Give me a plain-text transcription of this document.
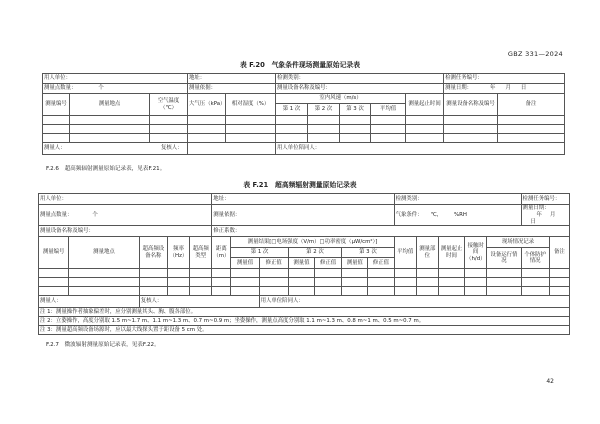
GBZ 331—2024
表 F.20　气象条件现场测量原始记录表
用人单位：			地址：		检测类别：					检测任务编号：	
测量点数量： 个			测量依据：		测量设备名称及编号：					测量日期： 年 月 日	
测量编号	测量地点	空气温度（℃）	大气压（kPa）	相对湿度（%）	室内风速（m/s）				测量起止时间	测量设备名称及编号	备注
					第 1 次	第 2 次	第 3 次	平均值			

测量人：			复核人：		用人单位陪同人：						
F.2.6　超高频辐射测量原始记录表，见表F.21。
表 F.21　超高频辐射测量原始记录表
用人单位：					地址：							检测类别：					检测任务编号：	
测量点数量： 个					测量依据：							气象条件： ℃， %RH					测量日期：年 月日	
测量设备名称及编号：					修正系数：													
测量编号	测量地点	超高频设备名称	频率（Hz）	超高频类型	距离（m）	测量结果[□电场强度（V/m）□功率密度（μW/cm²）]						平均值	测量部位	测量起止时间	接触时间（h/d）	现场情况记录		备注
						第 1 次		第 2 次		第 3 次						设备运行情况	个体防护情况	
						测量值	修正值	测量值	修正值	测量值	修正值							

测量人：		复核人：					用人单位陪同人：											
注 1：测量操作者抽象偏差时，应分别测量其头、胸、腹各部位。																		
注 2：立姿操作，高度分别取 1.5 m~1.7 m、1.1 m~1.3 m、0.7 m~0.9 m；坐姿操作，测量点高度分别取 1.1 m~1.3 m、0.8 m~1 m、0.5 m~0.7 m。																		
注 3：测量超高频设备场源时，应以最大线探头置于距设备 5 cm 处。																		
F.2.7　微波辐射测量原始记录表，见表F.22。
42
